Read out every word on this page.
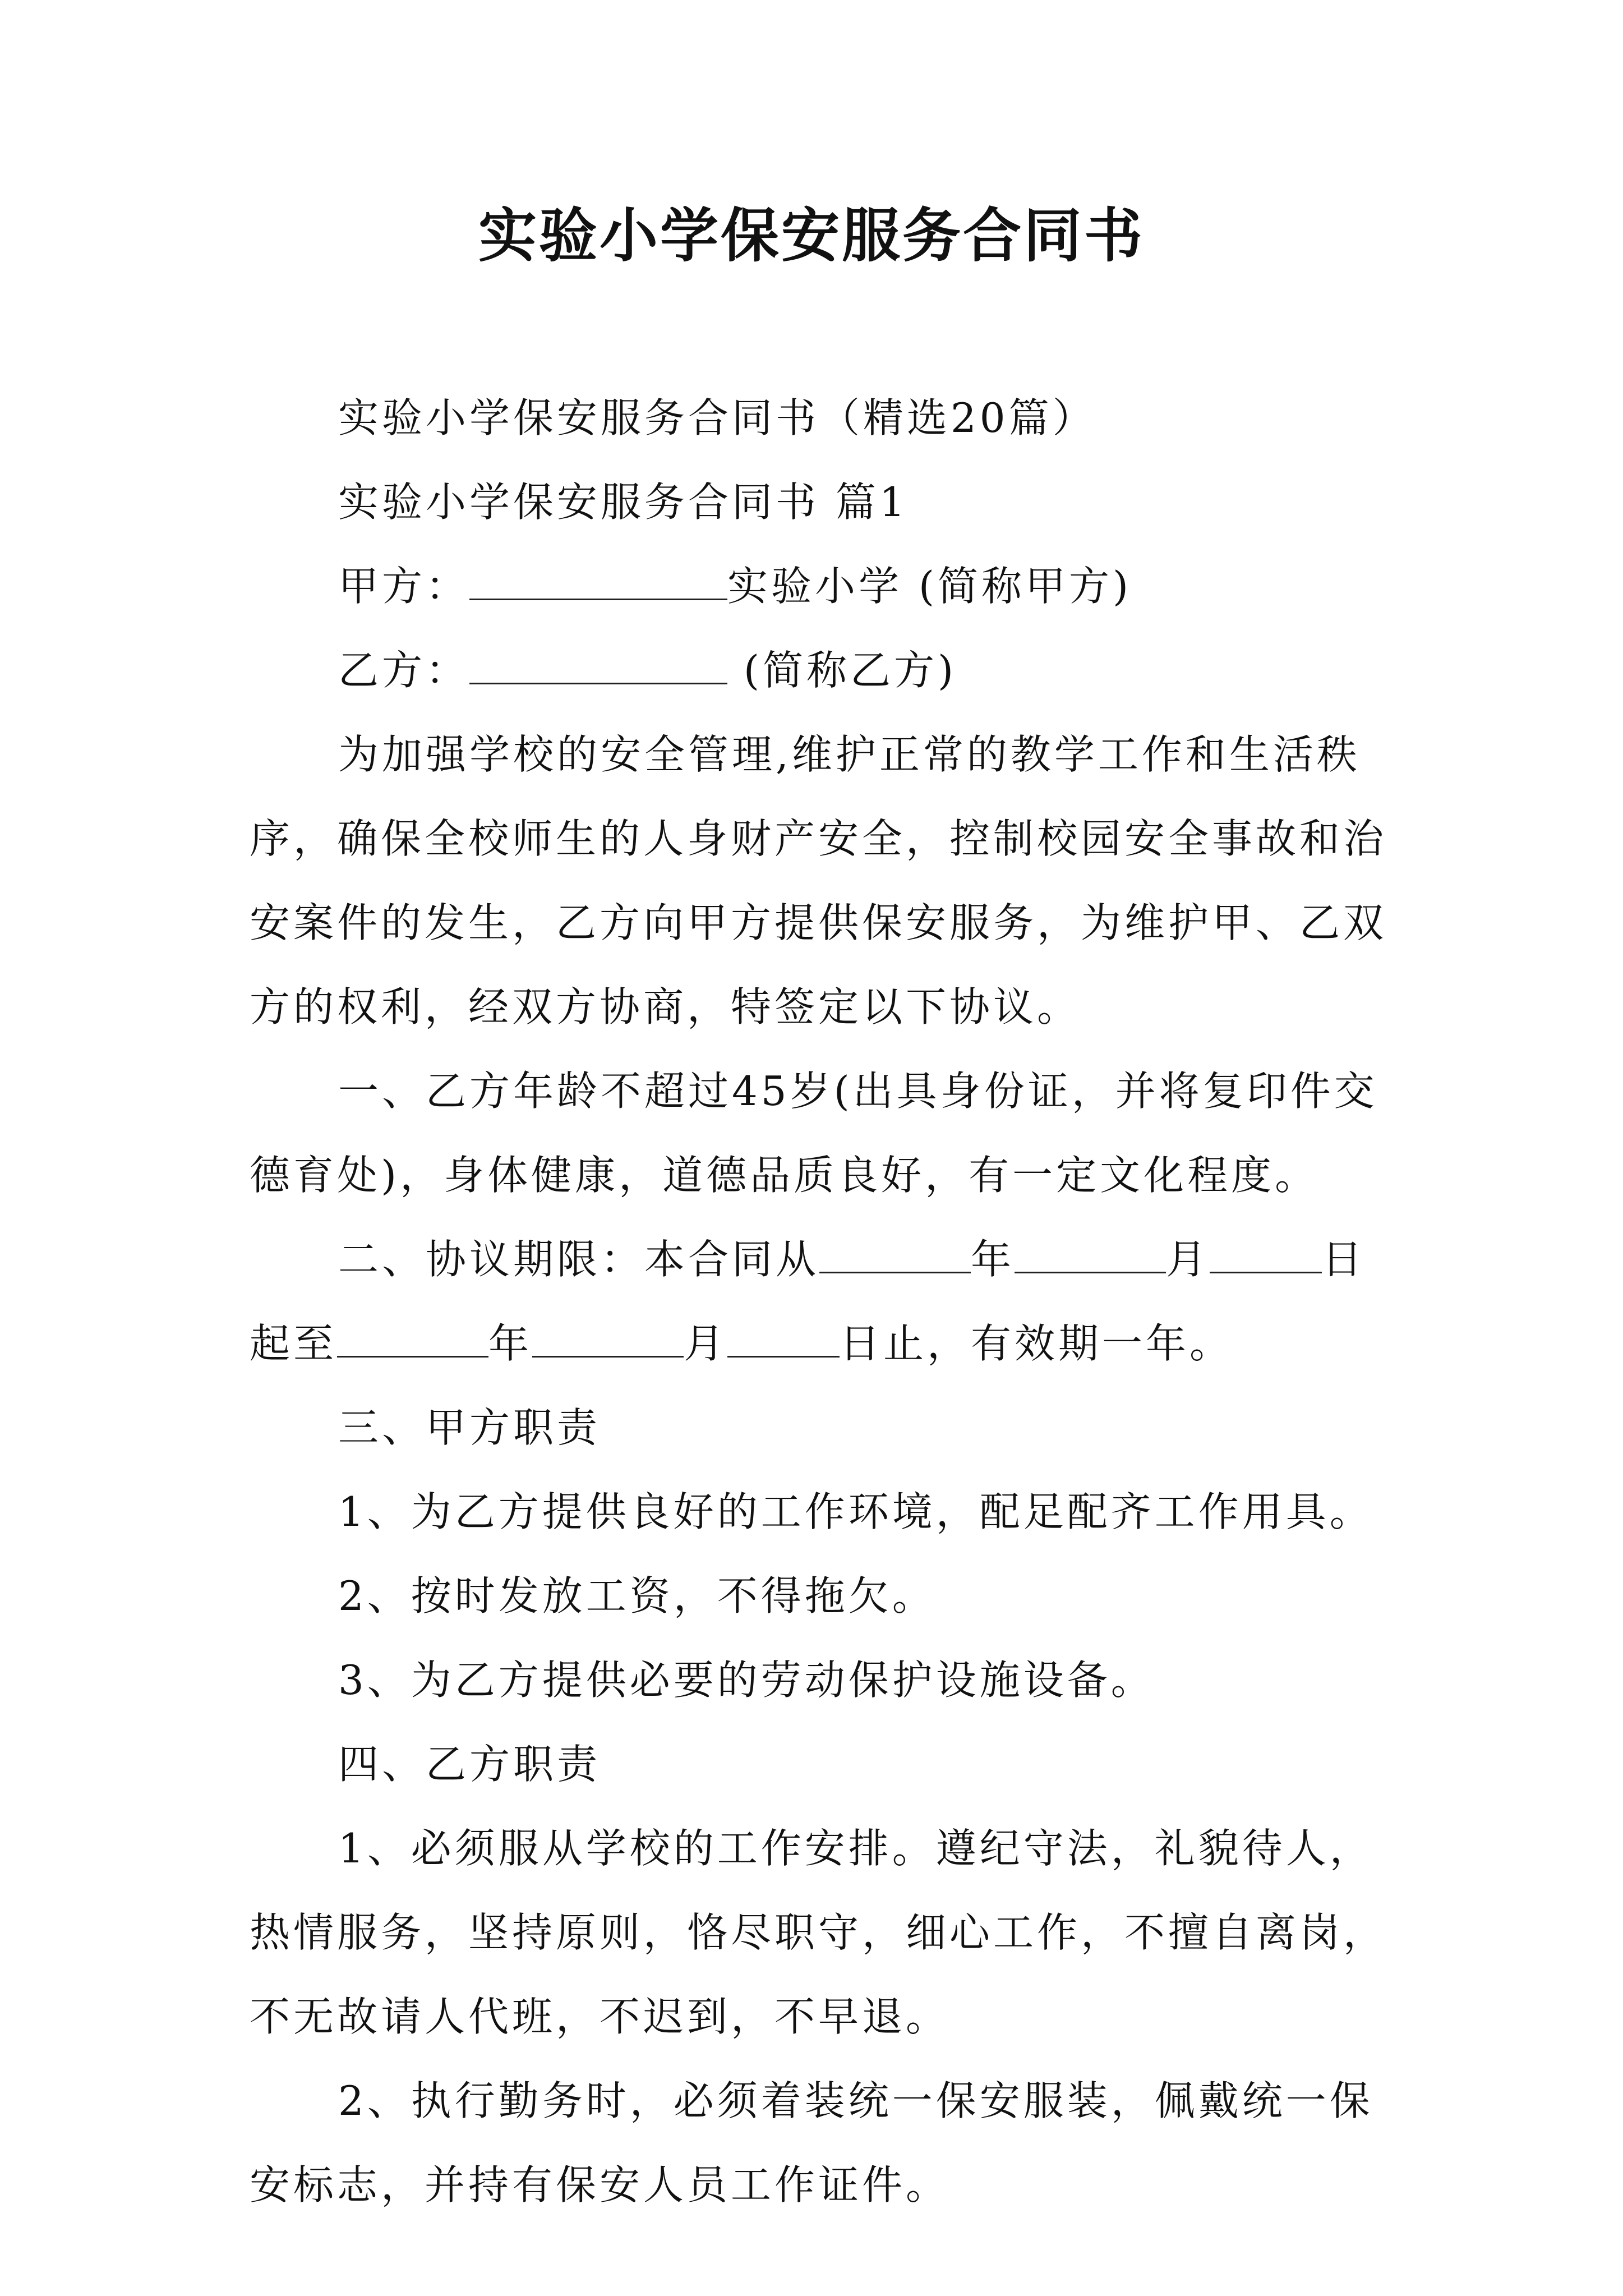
实验小学保安服务合同书
实验小学保安服务合同书（精选20篇）
实验小学保安服务合同书 篇1
甲方：	实验小学 (简称甲方)
乙方：	(简称乙方)
为加强学校的安全管理,维护正常的教学工作和生活秩
序，确保全校师生的人身财产安全，控制校园安全事故和治
安案件的发生，乙方向甲方提供保安服务，为维护甲、乙双
方的权利，经双方协商，特签定以下协议。
一、乙方年龄不超过45岁(出具身份证，并将复印件交
德育处)，身体健康，道德品质良好，有一定文化程度。
二、协议期限：本合同从	年	月	日
起至	年	月	日止，有效期一年。
三、甲方职责
1、为乙方提供良好的工作环境，配足配齐工作用具。
2、按时发放工资，不得拖欠。
3、为乙方提供必要的劳动保护设施设备。
四、乙方职责
1、必须服从学校的工作安排。遵纪守法，礼貌待人，
热情服务，坚持原则，恪尽职守，细心工作，不擅自离岗，
不无故请人代班，不迟到，不早退。
2、执行勤务时，必须着装统一保安服装，佩戴统一保
安标志，并持有保安人员工作证件。
